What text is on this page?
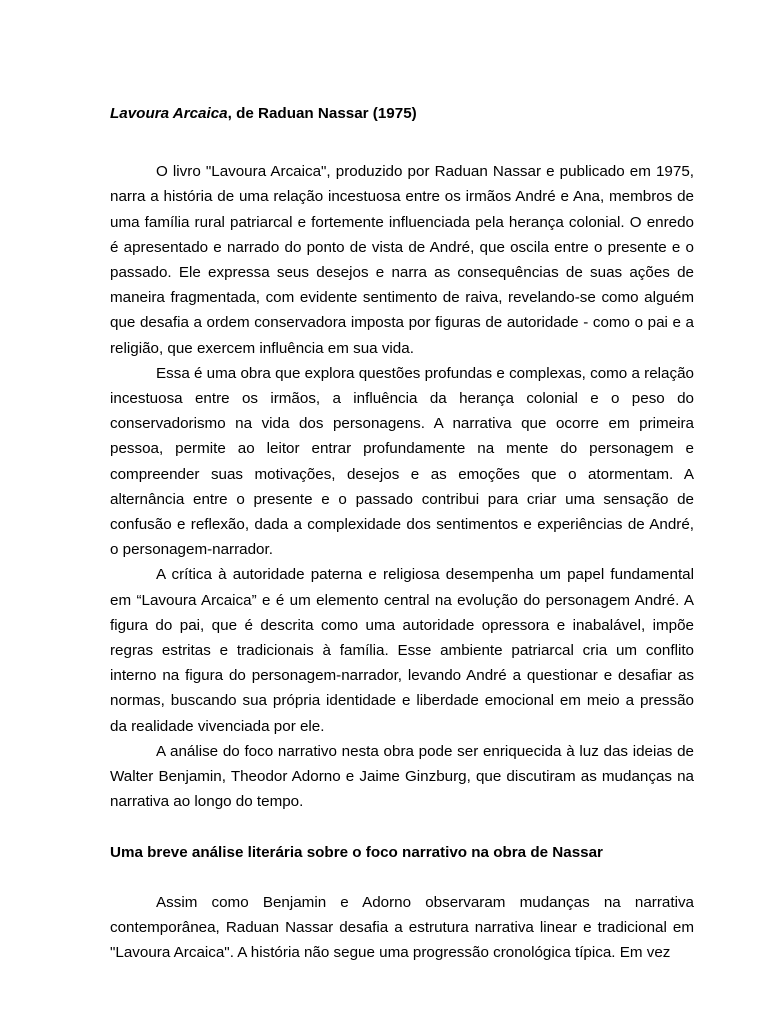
Lavoura Arcaica, de Raduan Nassar (1975)

O livro "Lavoura Arcaica", produzido por Raduan Nassar e publicado em 1975, narra a história de uma relação incestuosa entre os irmãos André e Ana, membros de uma família rural patriarcal e fortemente influenciada pela herança colonial. O enredo é apresentado e narrado do ponto de vista de André, que oscila entre o presente e o passado. Ele expressa seus desejos e narra as consequências de suas ações de maneira fragmentada, com evidente sentimento de raiva, revelando-se como alguém que desafia a ordem conservadora imposta por figuras de autoridade - como o pai e a religião, que exercem influência em sua vida.

Essa é uma obra que explora questões profundas e complexas, como a relação incestuosa entre os irmãos, a influência da herança colonial e o peso do conservadorismo na vida dos personagens. A narrativa que ocorre em primeira pessoa, permite ao leitor entrar profundamente na mente do personagem e compreender suas motivações, desejos e as emoções que o atormentam. A alternância entre o presente e o passado contribui para criar uma sensação de confusão e reflexão, dada a complexidade dos sentimentos e experiências de André, o personagem-narrador.

A crítica à autoridade paterna e religiosa desempenha um papel fundamental em “Lavoura Arcaica” e é um elemento central na evolução do personagem André. A figura do pai, que é descrita como uma autoridade opressora e inabalável, impõe regras estritas e tradicionais à família. Esse ambiente patriarcal cria um conflito interno na figura do personagem-narrador, levando André a questionar e desafiar as normas, buscando sua própria identidade e liberdade emocional em meio a pressão da realidade vivenciada por ele.

A análise do foco narrativo nesta obra pode ser enriquecida à luz das ideias de Walter Benjamin, Theodor Adorno e Jaime Ginzburg, que discutiram as mudanças na narrativa ao longo do tempo.

Uma breve análise literária sobre o foco narrativo na obra de Nassar

Assim como Benjamin e Adorno observaram mudanças na narrativa contemporânea, Raduan Nassar desafia a estrutura narrativa linear e tradicional em "Lavoura Arcaica". A história não segue uma progressão cronológica típica. Em vez
